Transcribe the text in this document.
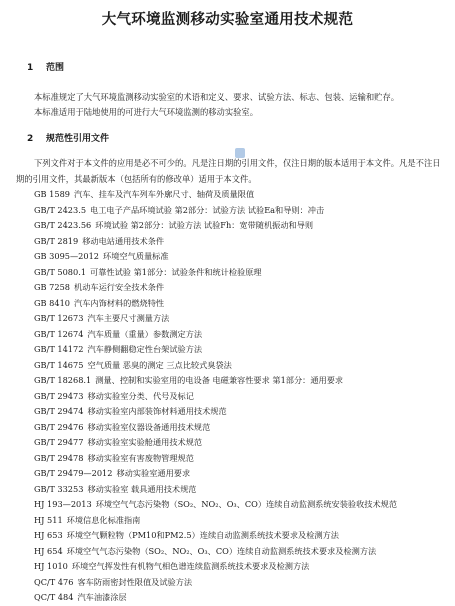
大气环境监测移动实验室通用技术规范
1 范围

本标准规定了大气环境监测移动实验室的术语和定义、要求、试验方法、标志、包装、运输和贮存。

本标准适用于陆地使用的可进行大气环境监测的移动实验室。

2 规范性引用文件

下列文件对于本文件的应用是必不可少的。凡是注日期的引用文件，仅注日期的版本适用于本文件。凡是不注日期的引用文件，其最新版本（包括所有的修改单）适用于本文件。

GB 1589 汽车、挂车及汽车列车外廓尺寸、轴荷及质量限值
GB/T 2423.5 电工电子产品环境试验 第2部分：试验方法 试验Ea和导则：冲击
GB/T 2423.56 环境试验 第2部分：试验方法 试验Fh：宽带随机振动和导则
GB/T 2819 移动电站通用技术条件
GB 3095—2012 环境空气质量标准
GB/T 5080.1 可靠性试验 第1部分：试验条件和统计检验原理
GB 7258 机动车运行安全技术条件
GB 8410 汽车内饰材料的燃烧特性
GB/T 12673 汽车主要尺寸测量方法
GB/T 12674 汽车质量（重量）参数测定方法
GB/T 14172 汽车静侧翻稳定性台架试验方法
GB/T 14675 空气质量 恶臭的测定 三点比较式臭袋法
GB/T 18268.1 测量、控制和实验室用的电设备 电磁兼容性要求 第1部分：通用要求
GB/T 29473 移动实验室分类、代号及标记
GB/T 29474 移动实验室内部装饰材料通用技术规范
GB/T 29476 移动实验室仪器设备通用技术规范
GB/T 29477 移动实验室实验舱通用技术规范
GB/T 29478 移动实验室有害废物管理规范
GB/T 29479—2012 移动实验室通用要求
GB/T 33253 移动实验室 载具通用技术规范
HJ 193—2013 环境空气气态污染物（SO₂、NO₂、O₃、CO）连续自动监测系统安装验收技术规范
HJ 511 环境信息化标准指南
HJ 653 环境空气颗粒物（PM10和PM2.5）连续自动监测系统技术要求及检测方法
HJ 654 环境空气气态污染物（SO₂、NO₂、O₃、CO）连续自动监测系统技术要求及检测方法
HJ 1010 环境空气挥发性有机物气相色谱连续监测系统技术要求及检测方法
QC/T 476 客车防雨密封性限值及试验方法
QC/T 484 汽车油漆涂层
